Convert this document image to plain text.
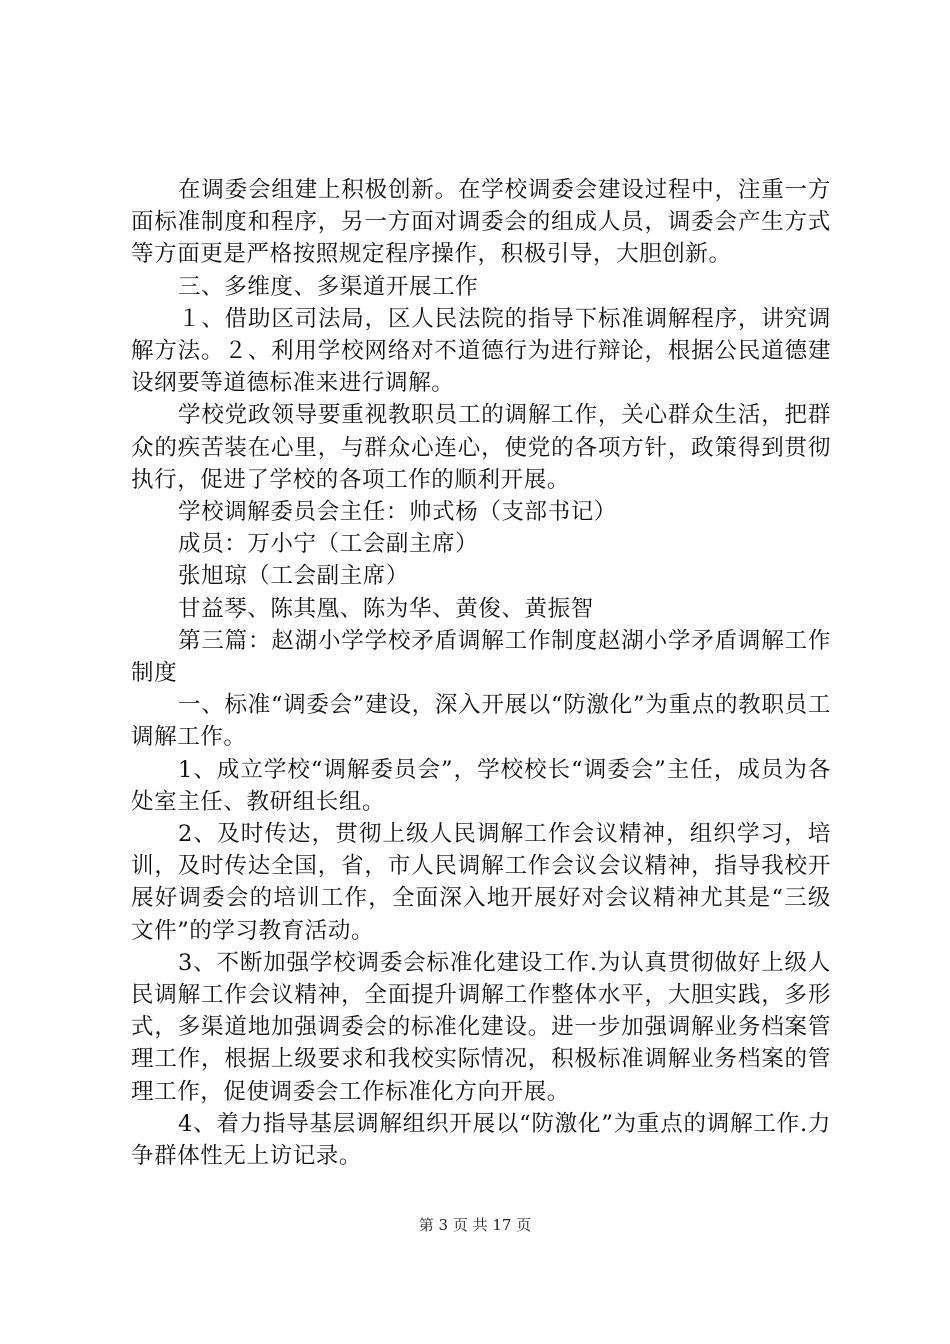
在调委会组建上积极创新。在学校调委会建设过程中，注重一方面标准制度和程序，另一方面对调委会的组成人员，调委会产生方式等方面更是严格按照规定程序操作，积极引导，大胆创新。

三、多维度、多渠道开展工作

１、借助区司法局，区人民法院的指导下标准调解程序，讲究调解方法。２、利用学校网络对不道德行为进行辩论，根据公民道德建设纲要等道德标准来进行调解。

学校党政领导要重视教职员工的调解工作，关心群众生活，把群众的疾苦装在心里，与群众心连心，使党的各项方针，政策得到贯彻执行，促进了学校的各项工作的顺利开展。

学校调解委员会主任：帅式杨（支部书记）

成员：万小宁（工会副主席）

张旭琼（工会副主席）

甘益琴、陈其凰、陈为华、黄俊、黄振智

第三篇：赵湖小学学校矛盾调解工作制度赵湖小学矛盾调解工作制度

一、标准“调委会”建设，深入开展以“防激化”为重点的教职员工调解工作。

1、成立学校“调解委员会”，学校校长“调委会”主任，成员为各处室主任、教研组长组。

2、及时传达，贯彻上级人民调解工作会议精神，组织学习，培训，及时传达全国，省，市人民调解工作会议会议精神，指导我校开展好调委会的培训工作，全面深入地开展好对会议精神尤其是“三级文件”的学习教育活动。

3、不断加强学校调委会标准化建设工作.为认真贯彻做好上级人民调解工作会议精神，全面提升调解工作整体水平，大胆实践，多形式，多渠道地加强调委会的标准化建设。进一步加强调解业务档案管理工作，根据上级要求和我校实际情况，积极标准调解业务档案的管理工作，促使调委会工作标准化方向开展。

4、着力指导基层调解组织开展以“防激化”为重点的调解工作.力争群体性无上访记录。

第 3 页 共 17 页
